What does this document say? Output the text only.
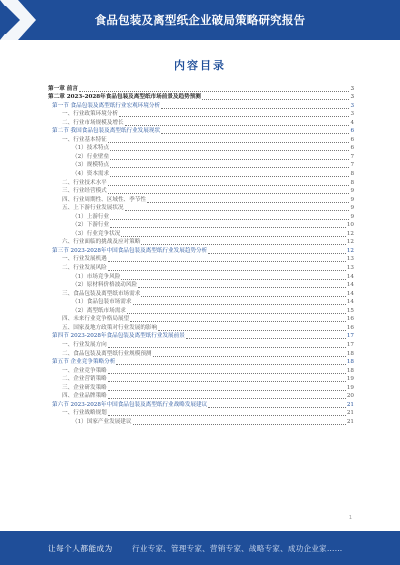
食品包装及离型纸企业破局策略研究报告
内容目录
第一章 前言	3
第二章 2023-2028年食品包装及离型纸市场前景及趋势预测	3
第一节 食品包装及离型纸行业宏观环境分析	3
一、行业政策环境分析	3
二、行业市场规模及增长	4
第二节 我国食品包装及离型纸行业发展现状	6
一、行业基本特征	6
（1）技术特点	6
（2）行业壁垒	7
（3）规模特点	7
（4）资本需求	8
二、行业技术水平	8
三、行业经营模式	9
四、行业周期性、区域性、季节性	9
五、上下游行业发展状况	9
（1）上游行业	9
（2）下游行业	10
（3）行业竞争状况	12
六、行业面临的挑战及应对策略	12
第三节 2023-2028年中国食品包装及离型纸行业发展趋势分析	12
一、行业发展机遇	13
二、行业发展风险	13
（1）市场竞争风险	14
（2）原材料价格波动风险	14
三、食品包装及离型纸市场需求	14
（1）食品包装市场需求	14
（2）离型纸市场需求	15
四、未来行业竞争格局展望	16
五、国家及地方政策对行业发展的影响	16
第四节 2023-2028年食品包装及离型纸行业发展前景	17
一、行业发展方向	17
二、食品包装及离型纸行业规模预测	18
第五节 企业竞争策略分析	18
一、企业竞争策略	18
二、企业营销策略	19
三、企业研发策略	19
四、企业品牌策略	20
第六节 2023-2028年中国食品包装及离型纸行业战略发展建议	21
一、行业战略规划	21
（1）国家产业发展建议	21
1
让每个人都能成为	行业专家、管理专家、营销专家、战略专家、成功企业家……
